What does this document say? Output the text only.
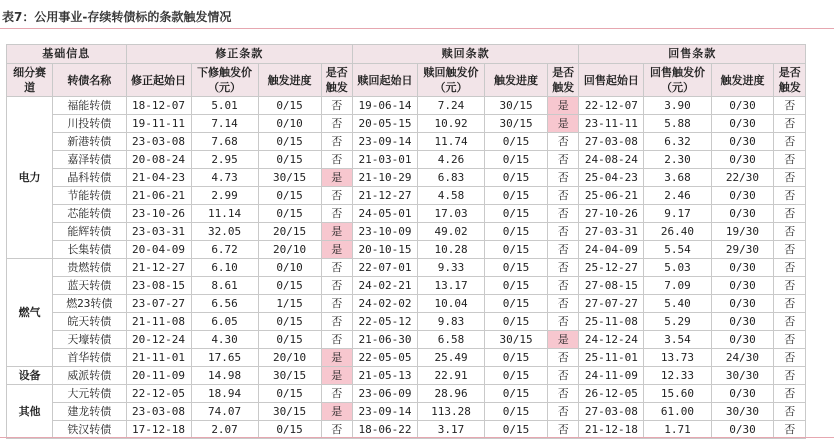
表7：公用事业-存续转债标的条款触发情况
基础信息		修正条款				赎回条款				回售条款			
细分赛道	转债名称	修正起始日	下修触发价（元）	触发进度	是否触发	赎回起始日	赎回触发价（元）	触发进度	是否触发	回售起始日	回售触发价（元）	触发进度	是否触发
电力	福能转债	18-12-07	5.01	0/15	否	19-06-14	7.24	30/15	是	22-12-07	3.90	0/30	否
	川投转债	19-11-11	7.14	0/10	否	20-05-15	10.92	30/15	是	23-11-11	5.88	0/30	否
	新港转债	23-03-08	7.68	0/15	否	23-09-14	11.74	0/15	否	27-03-08	6.32	0/30	否
	嘉泽转债	20-08-24	2.95	0/15	否	21-03-01	4.26	0/15	否	24-08-24	2.30	0/30	否
	晶科转债	21-04-23	4.73	30/15	是	21-10-29	6.83	0/15	否	25-04-23	3.68	22/30	否
	节能转债	21-06-21	2.99	0/15	否	21-12-27	4.58	0/15	否	25-06-21	2.46	0/30	否
	芯能转债	23-10-26	11.14	0/15	否	24-05-01	17.03	0/15	否	27-10-26	9.17	0/30	否
	能辉转债	23-03-31	32.05	20/15	是	23-10-09	49.02	0/15	否	27-03-31	26.40	19/30	否
	长集转债	20-04-09	6.72	20/10	是	20-10-15	10.28	0/15	否	24-04-09	5.54	29/30	否
燃气	贵燃转债	21-12-27	6.10	0/10	否	22-07-01	9.33	0/15	否	25-12-27	5.03	0/30	否
	蓝天转债	23-08-15	8.61	0/15	否	24-02-21	13.17	0/15	否	27-08-15	7.09	0/30	否
	燃23转债	23-07-27	6.56	1/15	否	24-02-02	10.04	0/15	否	27-07-27	5.40	0/30	否
	皖天转债	21-11-08	6.05	0/15	否	22-05-12	9.83	0/15	否	25-11-08	5.29	0/30	否
	天壕转债	20-12-24	4.30	0/15	否	21-06-30	6.58	30/15	是	24-12-24	3.54	0/30	否
	首华转债	21-11-01	17.65	20/10	是	22-05-05	25.49	0/15	否	25-11-01	13.73	24/30	否
设备	威派转债	20-11-09	14.98	30/15	是	21-05-13	22.91	0/15	否	24-11-09	12.33	30/30	否
其他	大元转债	22-12-05	18.94	0/15	否	23-06-09	28.96	0/15	否	26-12-05	15.60	0/30	否
	建龙转债	23-03-08	74.07	30/15	是	23-09-14	113.28	0/15	否	27-03-08	61.00	30/30	否
	铁汉转债	17-12-18	2.07	0/15	否	18-06-22	3.17	0/15	否	21-12-18	1.71	0/30	否
